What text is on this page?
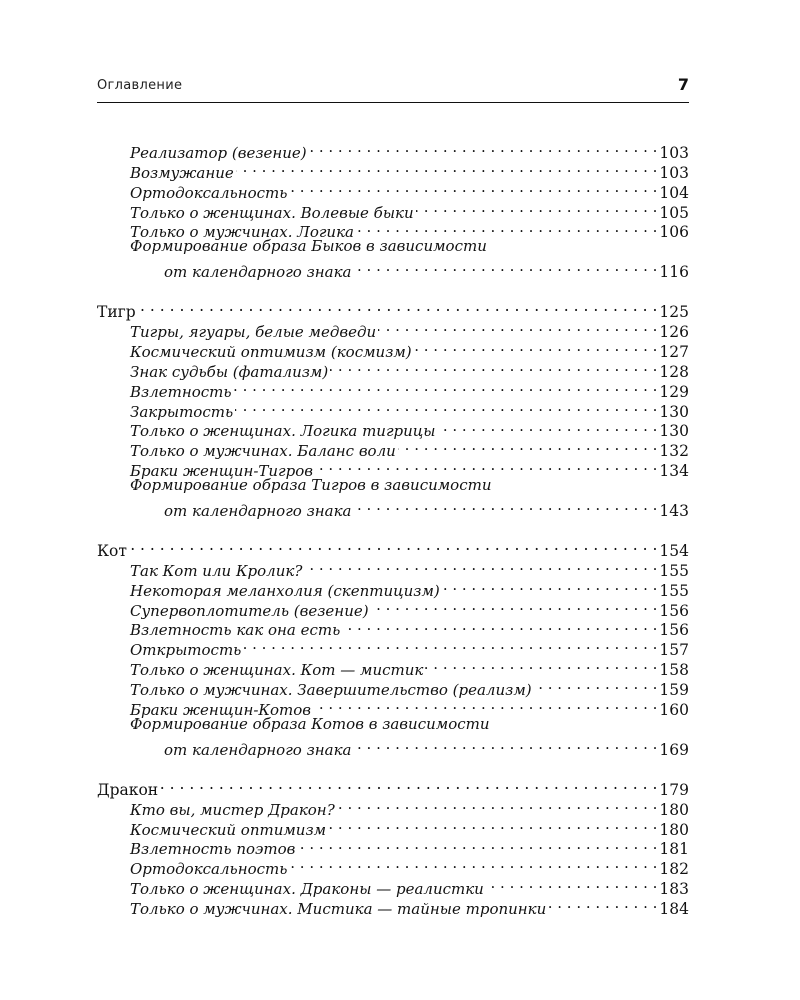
Оглавление	7
Реализатор (везение) . . .	103
Возмужание . . .	103
Ортодоксальность . . .	104
Только о женщинах. Волевые быки . . .	105
Только о мужчинах. Логика . . .	106
Формирование образа Быков в зависимости
от календарного знака . . .	116
Тигр . . .	125
Тигры, ягуары, белые медведи . . .	126
Космический оптимизм (космизм) . . .	127
Знак судьбы (фатализм) . . .	128
Взлетность . . .	129
Закрытость . . .	130
Только о женщинах. Логика тигрицы . . .	130
Только о мужчинах. Баланс воли . . .	132
Браки женщин-Тигров . . .	134
Формирование образа Тигров в зависимости
от календарного знака . . .	143
Кот . . .	154
Так Кот или Кролик? . . .	155
Некоторая меланхолия (скептицизм) . . .	155
Супервоплотитель (везение) . . .	156
Взлетность как она есть . . .	156
Открытость . . .	157
Только о женщинах. Кот — мистик . . .	158
Только о мужчинах. Завершительство (реализм) . . .	159
Браки женщин-Котов . . .	160
Формирование образа Котов в зависимости
от календарного знака . . .	169
Дракон . . .	179
Кто вы, мистер Дракон? . . .	180
Космический оптимизм . . .	180
Взлетность поэтов . . .	181
Ортодоксальность . . .	182
Только о женщинах. Драконы — реалистки . . .	183
Только о мужчинах. Мистика — тайные тропинки . . .	184
